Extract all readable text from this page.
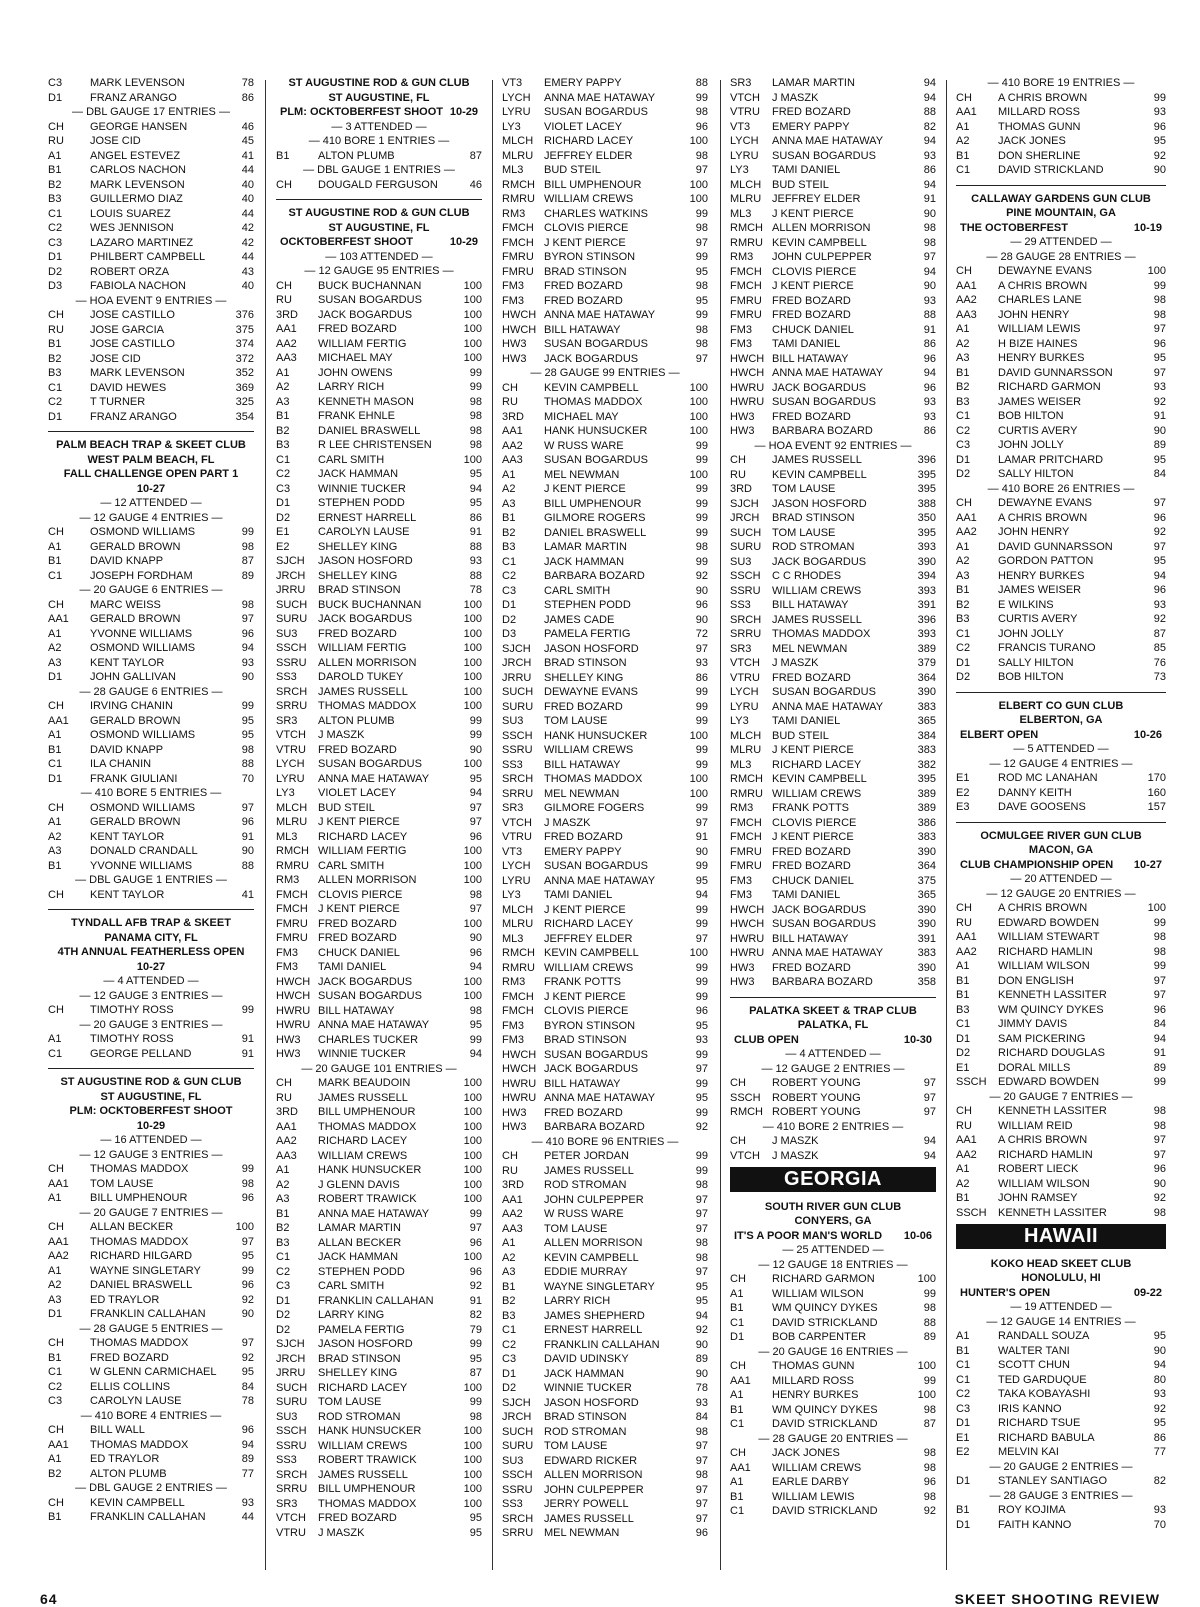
C3	MARK LEVENSON	78
D1	FRANZ ARANGO	86
— DBL GAUGE 17 ENTRIES —
CH	GEORGE HANSEN	46
RU	JOSE CID	45
A1	ANGEL ESTEVEZ	41
B1	CARLOS NACHON	44
B2	MARK LEVENSON	40
B3	GUILLERMO DIAZ	40
C1	LOUIS SUAREZ	44
C2	WES JENNISON	42
C3	LAZARO MARTINEZ	42
D1	PHILBERT CAMPBELL	44
D2	ROBERT ORZA	43
D3	FABIOLA NACHON	40
— HOA EVENT 9 ENTRIES —
CH	JOSE CASTILLO	376
RU	JOSE GARCIA	375
B1	JOSE CASTILLO	374
B2	JOSE CID	372
B3	MARK LEVENSON	352
C1	DAVID HEWES	369
C2	T TURNER	325
D1	FRANZ ARANGO	354
PALM BEACH TRAP & SKEET CLUB
WEST PALM BEACH, FL
FALL CHALLENGE OPEN PART 1
10-27
— 12 ATTENDED —
— 12 GAUGE 4 ENTRIES —
CH	OSMOND WILLIAMS	99
A1	GERALD BROWN	98
B1	DAVID KNAPP	87
C1	JOSEPH FORDHAM	89
— 20 GAUGE 6 ENTRIES —
CH	MARC WEISS	98
AA1	GERALD BROWN	97
A1	YVONNE WILLIAMS	96
A2	OSMOND WILLIAMS	94
A3	KENT TAYLOR	93
D1	JOHN GALLIVAN	90
— 28 GAUGE 6 ENTRIES —
CH	IRVING CHANIN	99
AA1	GERALD BROWN	95
A1	OSMOND WILLIAMS	95
B1	DAVID KNAPP	98
C1	ILA CHANIN	88
D1	FRANK GIULIANI	70
— 410 BORE 5 ENTRIES —
CH	OSMOND WILLIAMS	97
A1	GERALD BROWN	96
A2	KENT TAYLOR	91
A3	DONALD CRANDALL	90
B1	YVONNE WILLIAMS	88
— DBL GAUGE 1 ENTRIES —
CH	KENT TAYLOR	41
TYNDALL AFB TRAP & SKEET
PANAMA CITY, FL
4TH ANNUAL FEATHERLESS OPEN
10-27
— 4 ATTENDED —
— 12 GAUGE 3 ENTRIES —
CH	TIMOTHY ROSS	99
— 20 GAUGE 3 ENTRIES —
A1	TIMOTHY ROSS	91
C1	GEORGE PELLAND	91
ST AUGUSTINE ROD & GUN CLUB
ST AUGUSTINE, FL
PLM: OCKTOBERFEST SHOOT
10-29
— 16 ATTENDED —
— 12 GAUGE 3 ENTRIES —
CH	THOMAS MADDOX	99
AA1	TOM LAUSE	98
A1	BILL UMPHENOUR	96
— 20 GAUGE 7 ENTRIES —
CH	ALLAN BECKER	100
AA1	THOMAS MADDOX	97
AA2	RICHARD HILGARD	95
A1	WAYNE SINGLETARY	99
A2	DANIEL BRASWELL	96
A3	ED TRAYLOR	92
D1	FRANKLIN CALLAHAN	90
— 28 GAUGE 5 ENTRIES —
CH	THOMAS MADDOX	97
B1	FRED BOZARD	92
C1	W GLENN CARMICHAEL	95
C2	ELLIS COLLINS	84
C3	CAROLYN LAUSE	78
— 410 BORE 4 ENTRIES —
CH	BILL WALL	96
AA1	THOMAS MADDOX	94
A1	ED TRAYLOR	89
B2	ALTON PLUMB	77
— DBL GAUGE 2 ENTRIES —
CH	KEVIN CAMPBELL	93
B1	FRANKLIN CALLAHAN	44
ST AUGUSTINE ROD & GUN CLUB
ST AUGUSTINE, FL
PLM: OCKTOBERFEST SHOOT 10-29
— 3 ATTENDED —
— 410 BORE 1 ENTRIES —
B1	ALTON PLUMB	87
— DBL GAUGE 1 ENTRIES —
CH	DOUGALD FERGUSON	46
ST AUGUSTINE ROD & GUN CLUB
ST AUGUSTINE, FL
OCKTOBERFEST SHOOT	10-29
— 103 ATTENDED —
— 12 GAUGE 95 ENTRIES —
CH	BUCK BUCHANNAN	100
RU	SUSAN BOGARDUS	100
3RD	JACK BOGARDUS	100
AA1	FRED BOZARD	100
AA2	WILLIAM FERTIG	100
AA3	MICHAEL MAY	100
A1	JOHN OWENS	99
A2	LARRY RICH	99
A3	KENNETH MASON	98
B1	FRANK EHNLE	98
B2	DANIEL BRASWELL	98
B3	R LEE CHRISTENSEN	98
C1	CARL SMITH	100
C2	JACK HAMMAN	95
C3	WINNIE TUCKER	94
D1	STEPHEN PODD	95
D2	ERNEST HARRELL	86
E1	CAROLYN LAUSE	91
E2	SHELLEY KING	88
SJCH	JASON HOSFORD	93
JRCH	SHELLEY KING	88
JRRU	BRAD STINSON	78
SUCH BUCK BUCHANNAN	100
SURU JACK BOGARDUS	100
SU3	FRED BOZARD	100
SSCH	WILLIAM FERTIG	100
SSRU	ALLEN MORRISON	100
SS3	DAROLD TUKEY	100
SRCH JAMES RUSSELL	100
SRRU THOMAS MADDOX	100
SR3	ALTON PLUMB	99
VTCH	J MASZK	99
VTRU	FRED BOZARD	90
LYCH	SUSAN BOGARDUS	100
LYRU	ANNA MAE HATAWAY	95
LY3	VIOLET LACEY	94
MLCH BUD STEIL	97
MLRU J KENT PIERCE	97
ML3	RICHARD LACEY	96
RMCH WILLIAM FERTIG	100
RMRU CARL SMITH	100
RM3	ALLEN MORRISON	100
FMCH CLOVIS PIERCE	98
FMCH J KENT PIERCE	97
FMRU FRED BOZARD	100
FMRU FRED BOZARD	90
FM3	CHUCK DANIEL	96
FM3	TAMI DANIEL	94
HWCH JACK BOGARDUS	100
HWCH SUSAN BOGARDUS	100
HWRU BILL HATAWAY	98
HWRU ANNA MAE HATAWAY	95
HW3	CHARLES TUCKER	99
HW3	WINNIE TUCKER	94
— 20 GAUGE 101 ENTRIES —
CH	MARK BEAUDOIN	100
RU	JAMES RUSSELL	100
3RD	BILL UMPHENOUR	100
AA1	THOMAS MADDOX	100
AA2	RICHARD LACEY	100
AA3	WILLIAM CREWS	100
A1	HANK HUNSUCKER	100
A2	J GLENN DAVIS	100
A3	ROBERT TRAWICK	100
B1	ANNA MAE HATAWAY	99
B2	LAMAR MARTIN	97
B3	ALLAN BECKER	96
C1	JACK HAMMAN	100
C2	STEPHEN PODD	96
C3	CARL SMITH	92
D1	FRANKLIN CALLAHAN	91
D2	LARRY KING	82
D2	PAMELA FERTIG	79
SJCH	JASON HOSFORD	99
JRCH	BRAD STINSON	95
JRRU	SHELLEY KING	87
SUCH RICHARD LACEY	100
SURU TOM LAUSE	99
SU3	ROD STROMAN	98
SSCH	HANK HUNSUCKER	100
SSRU	WILLIAM CREWS	100
SS3	ROBERT TRAWICK	100
SRCH JAMES RUSSELL	100
SRRU BILL UMPHENOUR	100
SR3	THOMAS MADDOX	100
VTCH	FRED BOZARD	95
VTRU	J MASZK	95
VT3	EMERY PAPPY	88
LYCH	ANNA MAE HATAWAY	99
LYRU	SUSAN BOGARDUS	98
LY3	VIOLET LACEY	96
MLCH RICHARD LACEY	100
MLRU JEFFREY ELDER	98
ML3	BUD STEIL	97
RMCH BILL UMPHENOUR	100
RMRU WILLIAM CREWS	100
RM3	CHARLES WATKINS	99
FMCH CLOVIS PIERCE	98
FMCH J KENT PIERCE	97
FMRU BYRON STINSON	99
FMRU BRAD STINSON	95
FM3	FRED BOZARD	98
FM3	FRED BOZARD	95
HWCH ANNA MAE HATAWAY	99
HWCH BILL HATAWAY	98
HW3	SUSAN BOGARDUS	98
HW3	JACK BOGARDUS	97
— 28 GAUGE 99 ENTRIES —
CH	KEVIN CAMPBELL	100
RU	THOMAS MADDOX	100
3RD	MICHAEL MAY	100
AA1	HANK HUNSUCKER	100
AA2	W RUSS WARE	99
AA3	SUSAN BOGARDUS	99
A1	MEL NEWMAN	100
A2	J KENT PIERCE	99
A3	BILL UMPHENOUR	99
B1	GILMORE ROGERS	99
B2	DANIEL BRASWELL	99
B3	LAMAR MARTIN	98
C1	JACK HAMMAN	99
C2	BARBARA BOZARD	92
C3	CARL SMITH	90
D1	STEPHEN PODD	96
D2	JAMES CADE	90
D3	PAMELA FERTIG	72
SJCH	JASON HOSFORD	97
JRCH	BRAD STINSON	93
JRRU	SHELLEY KING	86
SUCH DEWAYNE EVANS	99
SURU FRED BOZARD	99
SU3	TOM LAUSE	99
SSCH	HANK HUNSUCKER	100
SSRU	WILLIAM CREWS	99
SS3	BILL HATAWAY	99
SRCH THOMAS MADDOX	100
SRRU MEL NEWMAN	100
SR3	GILMORE FOGERS	99
VTCH	J MASZK	97
VTRU	FRED BOZARD	91
VT3	EMERY PAPPY	90
LYCH	SUSAN BOGARDUS	99
LYRU	ANNA MAE HATAWAY	95
LY3	TAMI DANIEL	94
MLCH J KENT PIERCE	99
MLRU RICHARD LACEY	99
ML3	JEFFREY ELDER	97
RMCH KEVIN CAMPBELL	100
RMRU WILLIAM CREWS	99
RM3	FRANK POTTS	99
FMCH J KENT PIERCE	99
FMCH CLOVIS PIERCE	96
FM3	BYRON STINSON	95
FM3	BRAD STINSON	93
HWCH SUSAN BOGARDUS	99
HWCH JACK BOGARDUS	97
HWRU BILL HATAWAY	99
HWRU ANNA MAE HATAWAY	95
HW3	FRED BOZARD	99
HW3	BARBARA BOZARD	92
— 410 BORE 96 ENTRIES —
CH	PETER JORDAN	99
RU	JAMES RUSSELL	99
3RD	ROD STROMAN	98
AA1	JOHN CULPEPPER	97
AA2	W RUSS WARE	97
AA3	TOM LAUSE	97
A1	ALLEN MORRISON	98
A2	KEVIN CAMPBELL	98
A3	EDDIE MURRAY	97
B1	WAYNE SINGLETARY	95
B2	LARRY RICH	95
B3	JAMES SHEPHERD	94
C1	ERNEST HARRELL	92
C2	FRANKLIN CALLAHAN	90
C3	DAVID UDINSKY	89
D1	JACK HAMMAN	90
D2	WINNIE TUCKER	78
SJCH	JASON HOSFORD	93
JRCH	BRAD STINSON	84
SUCH ROD STROMAN	98
SURU TOM LAUSE	97
SU3	EDWARD RICKER	97
SSCH	ALLEN MORRISON	98
SSRU	JOHN CULPEPPER	97
SS3	JERRY POWELL	97
SRCH JAMES RUSSELL	97
SRRU MEL NEWMAN	96
SR3	LAMAR MARTIN	94
VTCH	J MASZK	94
VTRU	FRED BOZARD	88
VT3	EMERY PAPPY	82
LYCH	ANNA MAE HATAWAY	94
LYRU	SUSAN BOGARDUS	93
LY3	TAMI DANIEL	86
MLCH BUD STEIL	94
MLRU JEFFREY ELDER	91
ML3	J KENT PIERCE	90
RMCH ALLEN MORRISON	98
RMRU KEVIN CAMPBELL	98
RM3	JOHN CULPEPPER	97
FMCH CLOVIS PIERCE	94
FMCH J KENT PIERCE	90
FMRU FRED BOZARD	93
FMRU FRED BOZARD	88
FM3	CHUCK DANIEL	91
FM3	TAMI DANIEL	86
HWCH BILL HATAWAY	96
HWCH ANNA MAE HATAWAY	94
HWRU JACK BOGARDUS	96
HWRU SUSAN BOGARDUS	93
HW3	FRED BOZARD	93
HW3	BARBARA BOZARD	86
— HOA EVENT 92 ENTRIES —
CH	JAMES RUSSELL	396
RU	KEVIN CAMPBELL	395
3RD	TOM LAUSE	395
SJCH	JASON HOSFORD	388
JRCH	BRAD STINSON	350
SUCH TOM LAUSE	395
SURU ROD STROMAN	393
SU3	JACK BOGARDUS	390
SSCH	C C RHODES	394
SSRU	WILLIAM CREWS	393
SS3	BILL HATAWAY	391
SRCH JAMES RUSSELL	396
SRRU THOMAS MADDOX	393
SR3	MEL NEWMAN	389
VTCH	J MASZK	379
VTRU	FRED BOZARD	364
LYCH	SUSAN BOGARDUS	390
LYRU	ANNA MAE HATAWAY	383
LY3	TAMI DANIEL	365
MLCH BUD STEIL	384
MLRU J KENT PIERCE	383
ML3	RICHARD LACEY	382
RMCH KEVIN CAMPBELL	395
RMRU WILLIAM CREWS	389
RM3	FRANK POTTS	389
FMCH CLOVIS PIERCE	386
FMCH J KENT PIERCE	383
FMRU FRED BOZARD	390
FMRU FRED BOZARD	364
FM3	CHUCK DANIEL	375
FM3	TAMI DANIEL	365
HWCH JACK BOGARDUS	390
HWCH SUSAN BOGARDUS	390
HWRU BILL HATAWAY	391
HWRU ANNA MAE HATAWAY	383
HW3	FRED BOZARD	390
HW3	BARBARA BOZARD	358
PALATKA SKEET & TRAP CLUB
PALATKA, FL
CLUB OPEN	10-30
— 4 ATTENDED —
— 12 GAUGE 2 ENTRIES —
CH	ROBERT YOUNG	97
SSCH	ROBERT YOUNG	97
RMCH ROBERT YOUNG	97
— 410 BORE 2 ENTRIES —
CH	J MASZK	94
VTCH	J MASZK	94
GEORGIA
SOUTH RIVER GUN CLUB
CONYERS, GA
IT'S A POOR MAN'S WORLD 10-06
— 25 ATTENDED —
— 12 GAUGE 18 ENTRIES —
CH	RICHARD GARMON	100
A1	WILLIAM WILSON	99
B1	WM QUINCY DYKES	98
C1	DAVID STRICKLAND	88
D1	BOB CARPENTER	89
— 20 GAUGE 16 ENTRIES —
CH	THOMAS GUNN	100
AA1	MILLARD ROSS	99
A1	HENRY BURKES	100
B1	WM QUINCY DYKES	98
C1	DAVID STRICKLAND	87
— 28 GAUGE 20 ENTRIES —
CH	JACK JONES	98
AA1	WILLIAM CREWS	98
A1	EARLE DARBY	96
B1	WILLIAM LEWIS	98
C1	DAVID STRICKLAND	92
— 410 BORE 19 ENTRIES —
CH	A CHRIS BROWN	99
AA1	MILLARD ROSS	93
A1	THOMAS GUNN	96
A2	JACK JONES	95
B1	DON SHERLINE	92
C1	DAVID STRICKLAND	90
CALLAWAY GARDENS GUN CLUB
PINE MOUNTAIN, GA
THE OCTOBERFEST	10-19
— 29 ATTENDED —
— 28 GAUGE 28 ENTRIES —
CH	DEWAYNE EVANS	100
AA1	A CHRIS BROWN	99
AA2	CHARLES LANE	98
AA3	JOHN HENRY	98
A1	WILLIAM LEWIS	97
A2	H BIZE HAINES	96
A3	HENRY BURKES	95
B1	DAVID GUNNARSSON	97
B2	RICHARD GARMON	93
B3	JAMES WEISER	92
C1	BOB HILTON	91
C2	CURTIS AVERY	90
C3	JOHN JOLLY	89
D1	LAMAR PRITCHARD	95
D2	SALLY HILTON	84
— 410 BORE 26 ENTRIES —
CH	DEWAYNE EVANS	97
AA1	A CHRIS BROWN	96
AA2	JOHN HENRY	92
A1	DAVID GUNNARSSON	97
A2	GORDON PATTON	95
A3	HENRY BURKES	94
B1	JAMES WEISER	96
B2	E WILKINS	93
B3	CURTIS AVERY	92
C1	JOHN JOLLY	87
C2	FRANCIS TURANO	85
D1	SALLY HILTON	76
D2	BOB HILTON	73
ELBERT CO GUN CLUB
ELBERTON, GA
ELBERT OPEN	10-26
— 5 ATTENDED —
— 12 GAUGE 4 ENTRIES —
E1	ROD MC LANAHAN	170
E2	DANNY KEITH	160
E3	DAVE GOOSENS	157
OCMULGEE RIVER GUN CLUB
MACON, GA
CLUB CHAMPIONSHIP OPEN 10-27
— 20 ATTENDED —
— 12 GAUGE 20 ENTRIES —
CH	A CHRIS BROWN	100
RU	EDWARD BOWDEN	99
AA1	WILLIAM STEWART	98
AA2	RICHARD HAMLIN	98
A1	WILLIAM WILSON	99
B1	DON ENGLISH	97
B1	KENNETH LASSITER	97
B3	WM QUINCY DYKES	96
C1	JIMMY DAVIS	84
D1	SAM PICKERING	94
D2	RICHARD DOUGLAS	91
E1	DORAL MILLS	89
SSCH	EDWARD BOWDEN	99
— 20 GAUGE 7 ENTRIES —
CH	KENNETH LASSITER	98
RU	WILLIAM REID	98
AA1	A CHRIS BROWN	97
AA2	RICHARD HAMLIN	97
A1	ROBERT LIECK	96
A2	WILLIAM WILSON	90
B1	JOHN RAMSEY	92
SSCH	KENNETH LASSITER	98
HAWAII
KOKO HEAD SKEET CLUB
HONOLULU, HI
HUNTER'S OPEN	09-22
— 19 ATTENDED —
— 12 GAUGE 14 ENTRIES —
A1	RANDALL SOUZA	95
B1	WALTER TANI	90
C1	SCOTT CHUN	94
C1	TED GARDUQUE	80
C2	TAKA KOBAYASHI	93
C3	IRIS KANNO	92
D1	RICHARD TSUE	95
E1	RICHARD BABULA	86
E2	MELVIN KAI	77
— 20 GAUGE 2 ENTRIES —
D1	STANLEY SANTIAGO	82
— 28 GAUGE 3 ENTRIES —
B1	ROY KOJIMA	93
D1	FAITH KANNO	70
64	SKEET SHOOTING REVIEW
